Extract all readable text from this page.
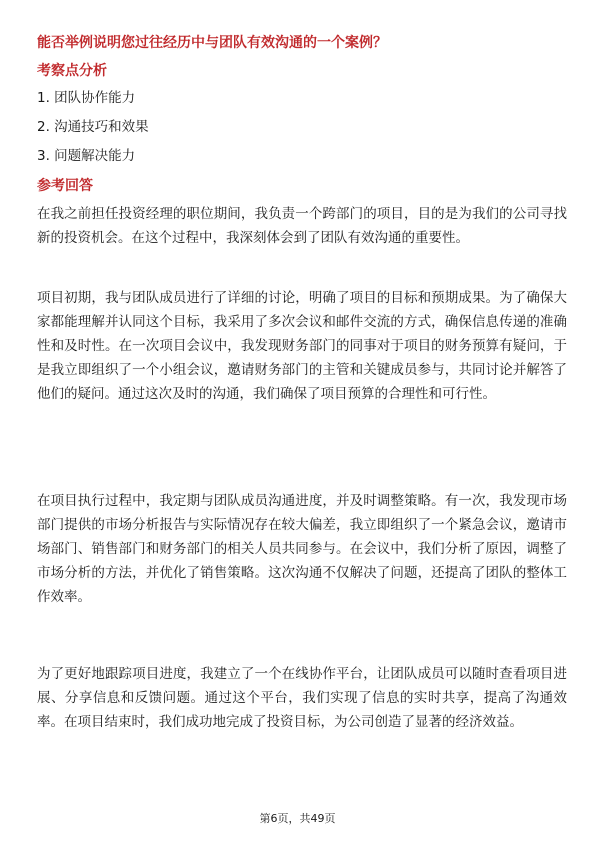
能否举例说明您过往经历中与团队有效沟通的一个案例？
考察点分析
1. 团队协作能力
2. 沟通技巧和效果
3. 问题解决能力
参考回答
在我之前担任投资经理的职位期间，我负责一个跨部门的项目，目的是为我们的公司寻找新的投资机会。在这个过程中，我深刻体会到了团队有效沟通的重要性。
项目初期，我与团队成员进行了详细的讨论，明确了项目的目标和预期成果。为了确保大家都能理解并认同这个目标，我采用了多次会议和邮件交流的方式，确保信息传递的准确性和及时性。在一次项目会议中，我发现财务部门的同事对于项目的财务预算有疑问，于是我立即组织了一个小组会议，邀请财务部门的主管和关键成员参与，共同讨论并解答了他们的疑问。通过这次及时的沟通，我们确保了项目预算的合理性和可行性。
在项目执行过程中，我定期与团队成员沟通进度，并及时调整策略。有一次，我发现市场部门提供的市场分析报告与实际情况存在较大偏差，我立即组织了一个紧急会议，邀请市场部门、销售部门和财务部门的相关人员共同参与。在会议中，我们分析了原因，调整了市场分析的方法，并优化了销售策略。这次沟通不仅解决了问题，还提高了团队的整体工作效率。
为了更好地跟踪项目进度，我建立了一个在线协作平台，让团队成员可以随时查看项目进展、分享信息和反馈问题。通过这个平台，我们实现了信息的实时共享，提高了沟通效率。在项目结束时，我们成功地完成了投资目标，为公司创造了显著的经济效益。
第6页，共49页
